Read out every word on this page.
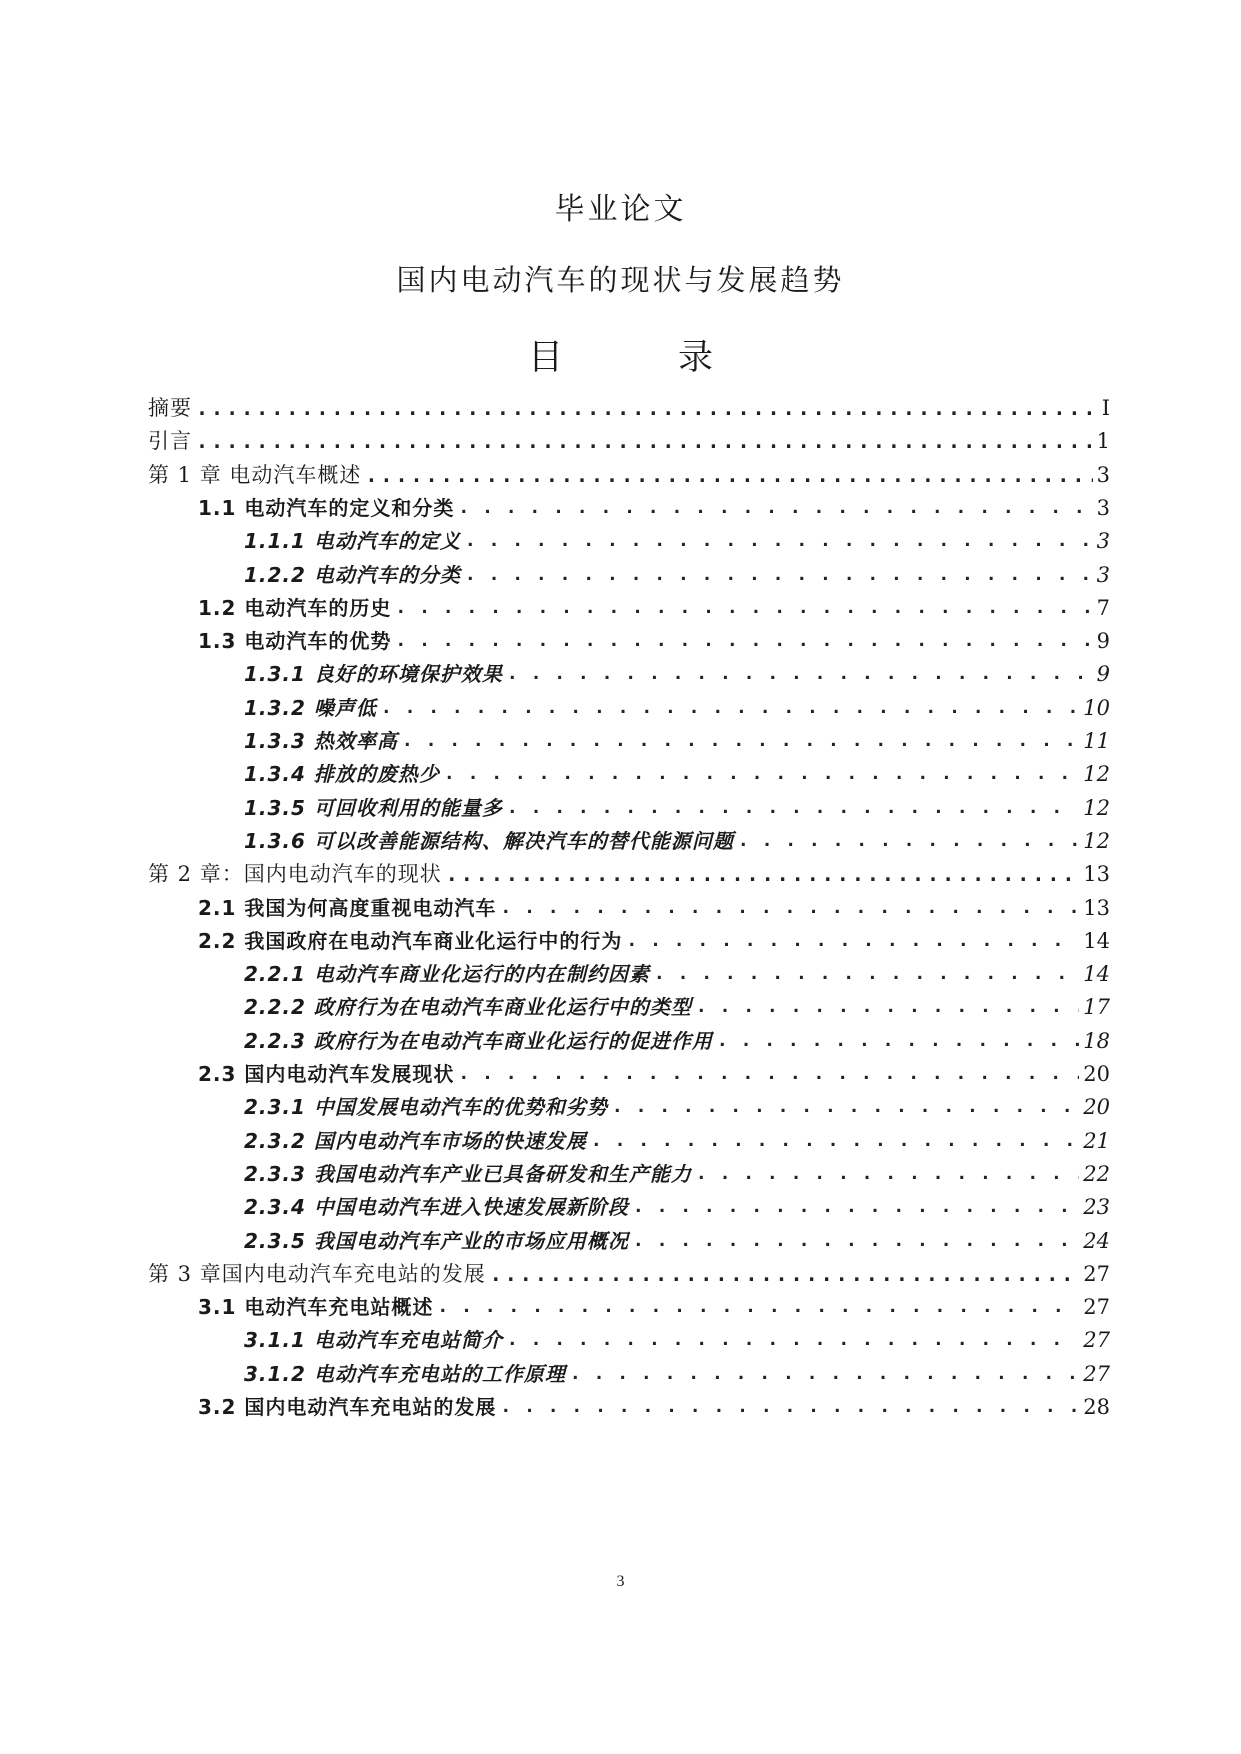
毕业论文
国内电动汽车的现状与发展趋势
目　录
摘要 .....	I
引言 .....	1
第 1 章 电动汽车概述 .....	3
1.1 电动汽车的定义和分类 . . .	3
1.1.1 电动汽车的定义 . . .	3
1.2.2 电动汽车的分类 . . .	3
1.2 电动汽车的历史 . . .	7
1.3 电动汽车的优势 . . .	9
1.3.1 良好的环境保护效果 . . .	9
1.3.2 噪声低 . . .	10
1.3.3 热效率高 . . .	11
1.3.4 排放的废热少 . . .	12
1.3.5 可回收利用的能量多 . . .	12
1.3.6 可以改善能源结构、解决汽车的替代能源问题 . . .	12
第 2 章：国内电动汽车的现状 .....	13
2.1 我国为何高度重视电动汽车 . . .	13
2.2 我国政府在电动汽车商业化运行中的行为 . . .	14
2.2.1 电动汽车商业化运行的内在制约因素 . . .	14
2.2.2 政府行为在电动汽车商业化运行中的类型 . . .	17
2.2.3 政府行为在电动汽车商业化运行的促进作用 . . .	18
2.3 国内电动汽车发展现状 . . .	20
2.3.1 中国发展电动汽车的优势和劣势 . . .	20
2.3.2 国内电动汽车市场的快速发展 . . .	21
2.3.3 我国电动汽车产业已具备研发和生产能力 . . .	22
2.3.4 中国电动汽车进入快速发展新阶段 . . .	23
2.3.5 我国电动汽车产业的市场应用概况 . . .	24
第 3 章国内电动汽车充电站的发展 .....	27
3.1 电动汽车充电站概述 . . .	27
3.1.1 电动汽车充电站简介 . . .	27
3.1.2 电动汽车充电站的工作原理 . . .	27
3.2 国内电动汽车充电站的发展 . . .	28
3
